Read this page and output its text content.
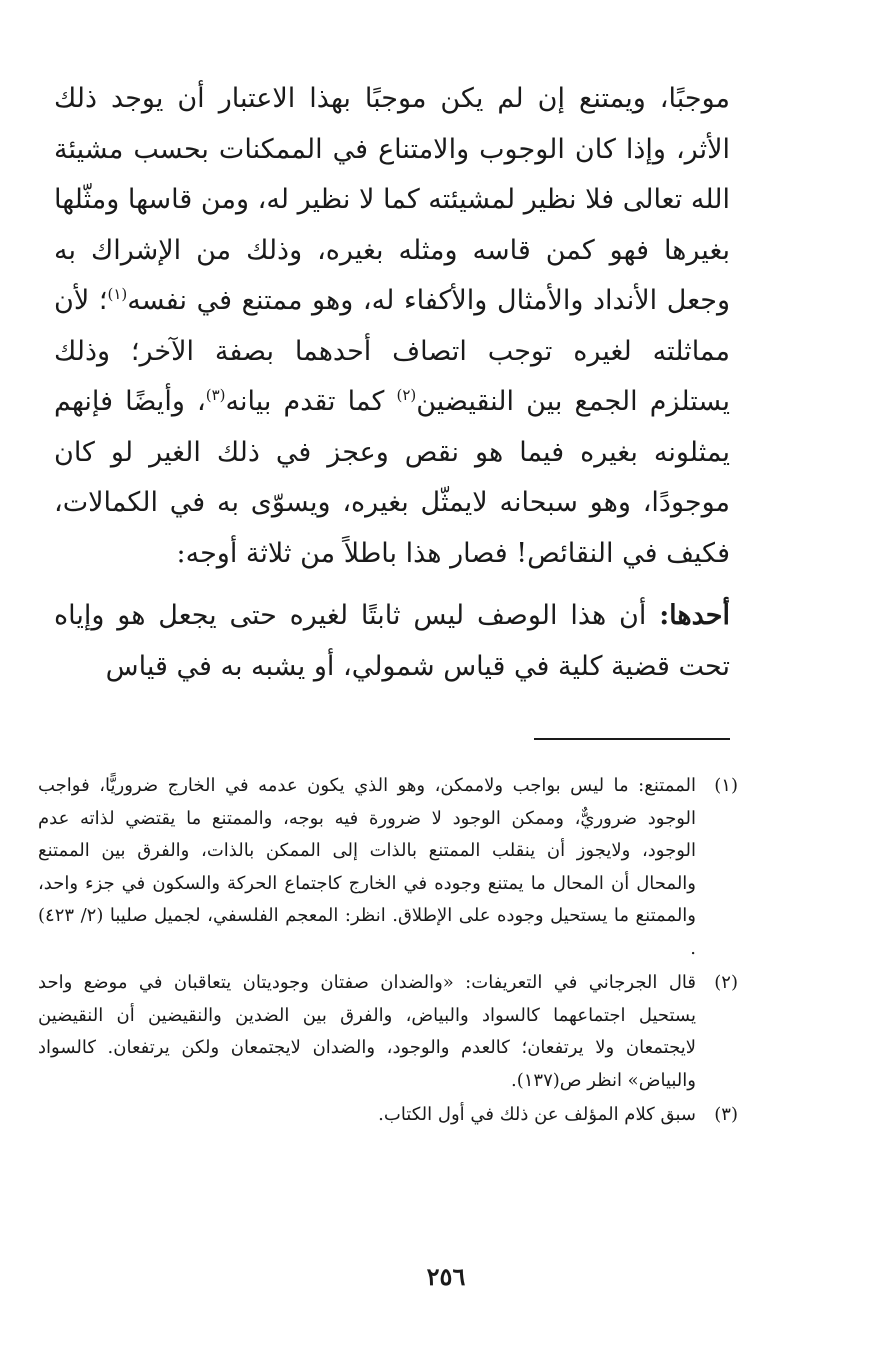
موجبًا، ويمتنع إن لم يكن موجبًا بهذا الاعتبار أن يوجد ذلك الأثر، وإذا كان الوجوب والامتناع في الممكنات بحسب مشيئة الله تعالى فلا نظير لمشيئته كما لا نظير له، ومن قاسها ومثّلها بغيرها فهو كمن قاسه ومثله بغيره، وذلك من الإشراك به وجعل الأنداد والأمثال والأكفاء له، وهو ممتنع في نفسه$^{(١)}$؛ لأن مماثلته لغيره توجب اتصاف أحدهما بصفة الآخر؛ وذلك يستلزم الجمع بين النقيضين$^{(٢)}$ كما تقدم بيانه$^{(٣)}$، وأيضًا فإنهم يمثلونه بغيره فيما هو نقص وعجز في ذلك الغير لو كان موجودًا، وهو سبحانه لايمثّل بغيره، ويسوّى به في الكمالات، فكيف في النقائص! فصار هذا باطلاً من ثلاثة أوجه:

أحدها: أن هذا الوصف ليس ثابتًا لغيره حتى يجعل هو وإياه تحت قضية كلية في قياس شمولي، أو يشبه به في قياس

(١)
الممتنع: ما ليس بواجب ولاممكن، وهو الذي يكون عدمه في الخارج ضروريًّا، فواجب الوجود ضروريٌّ، وممكن الوجود لا ضرورة فيه بوجه، والممتنع ما يقتضي لذاته عدم الوجود، ولايجوز أن ينقلب الممتنع بالذات إلى الممكن بالذات، والفرق بين الممتنع والمحال أن المحال ما يمتنع وجوده في الخارج كاجتماع الحركة والسكون في جزء واحد، والممتنع ما يستحيل وجوده على الإطلاق. انظر: المعجم الفلسفي، لجميل صليبا (٢/ ٤٢٣) .
(٢)
قال الجرجاني في التعريفات: «والضدان صفتان وجوديتان يتعاقبان في موضع واحد يستحيل اجتماعهما كالسواد والبياض، والفرق بين الضدين والنقيضين أن النقيضين لايجتمعان ولا يرتفعان؛ كالعدم والوجود، والضدان لايجتمعان ولكن يرتفعان. كالسواد والبياض» انظر ص(١٣٧).
(٣)
سبق كلام المؤلف عن ذلك في أول الكتاب.
٢٥٦
